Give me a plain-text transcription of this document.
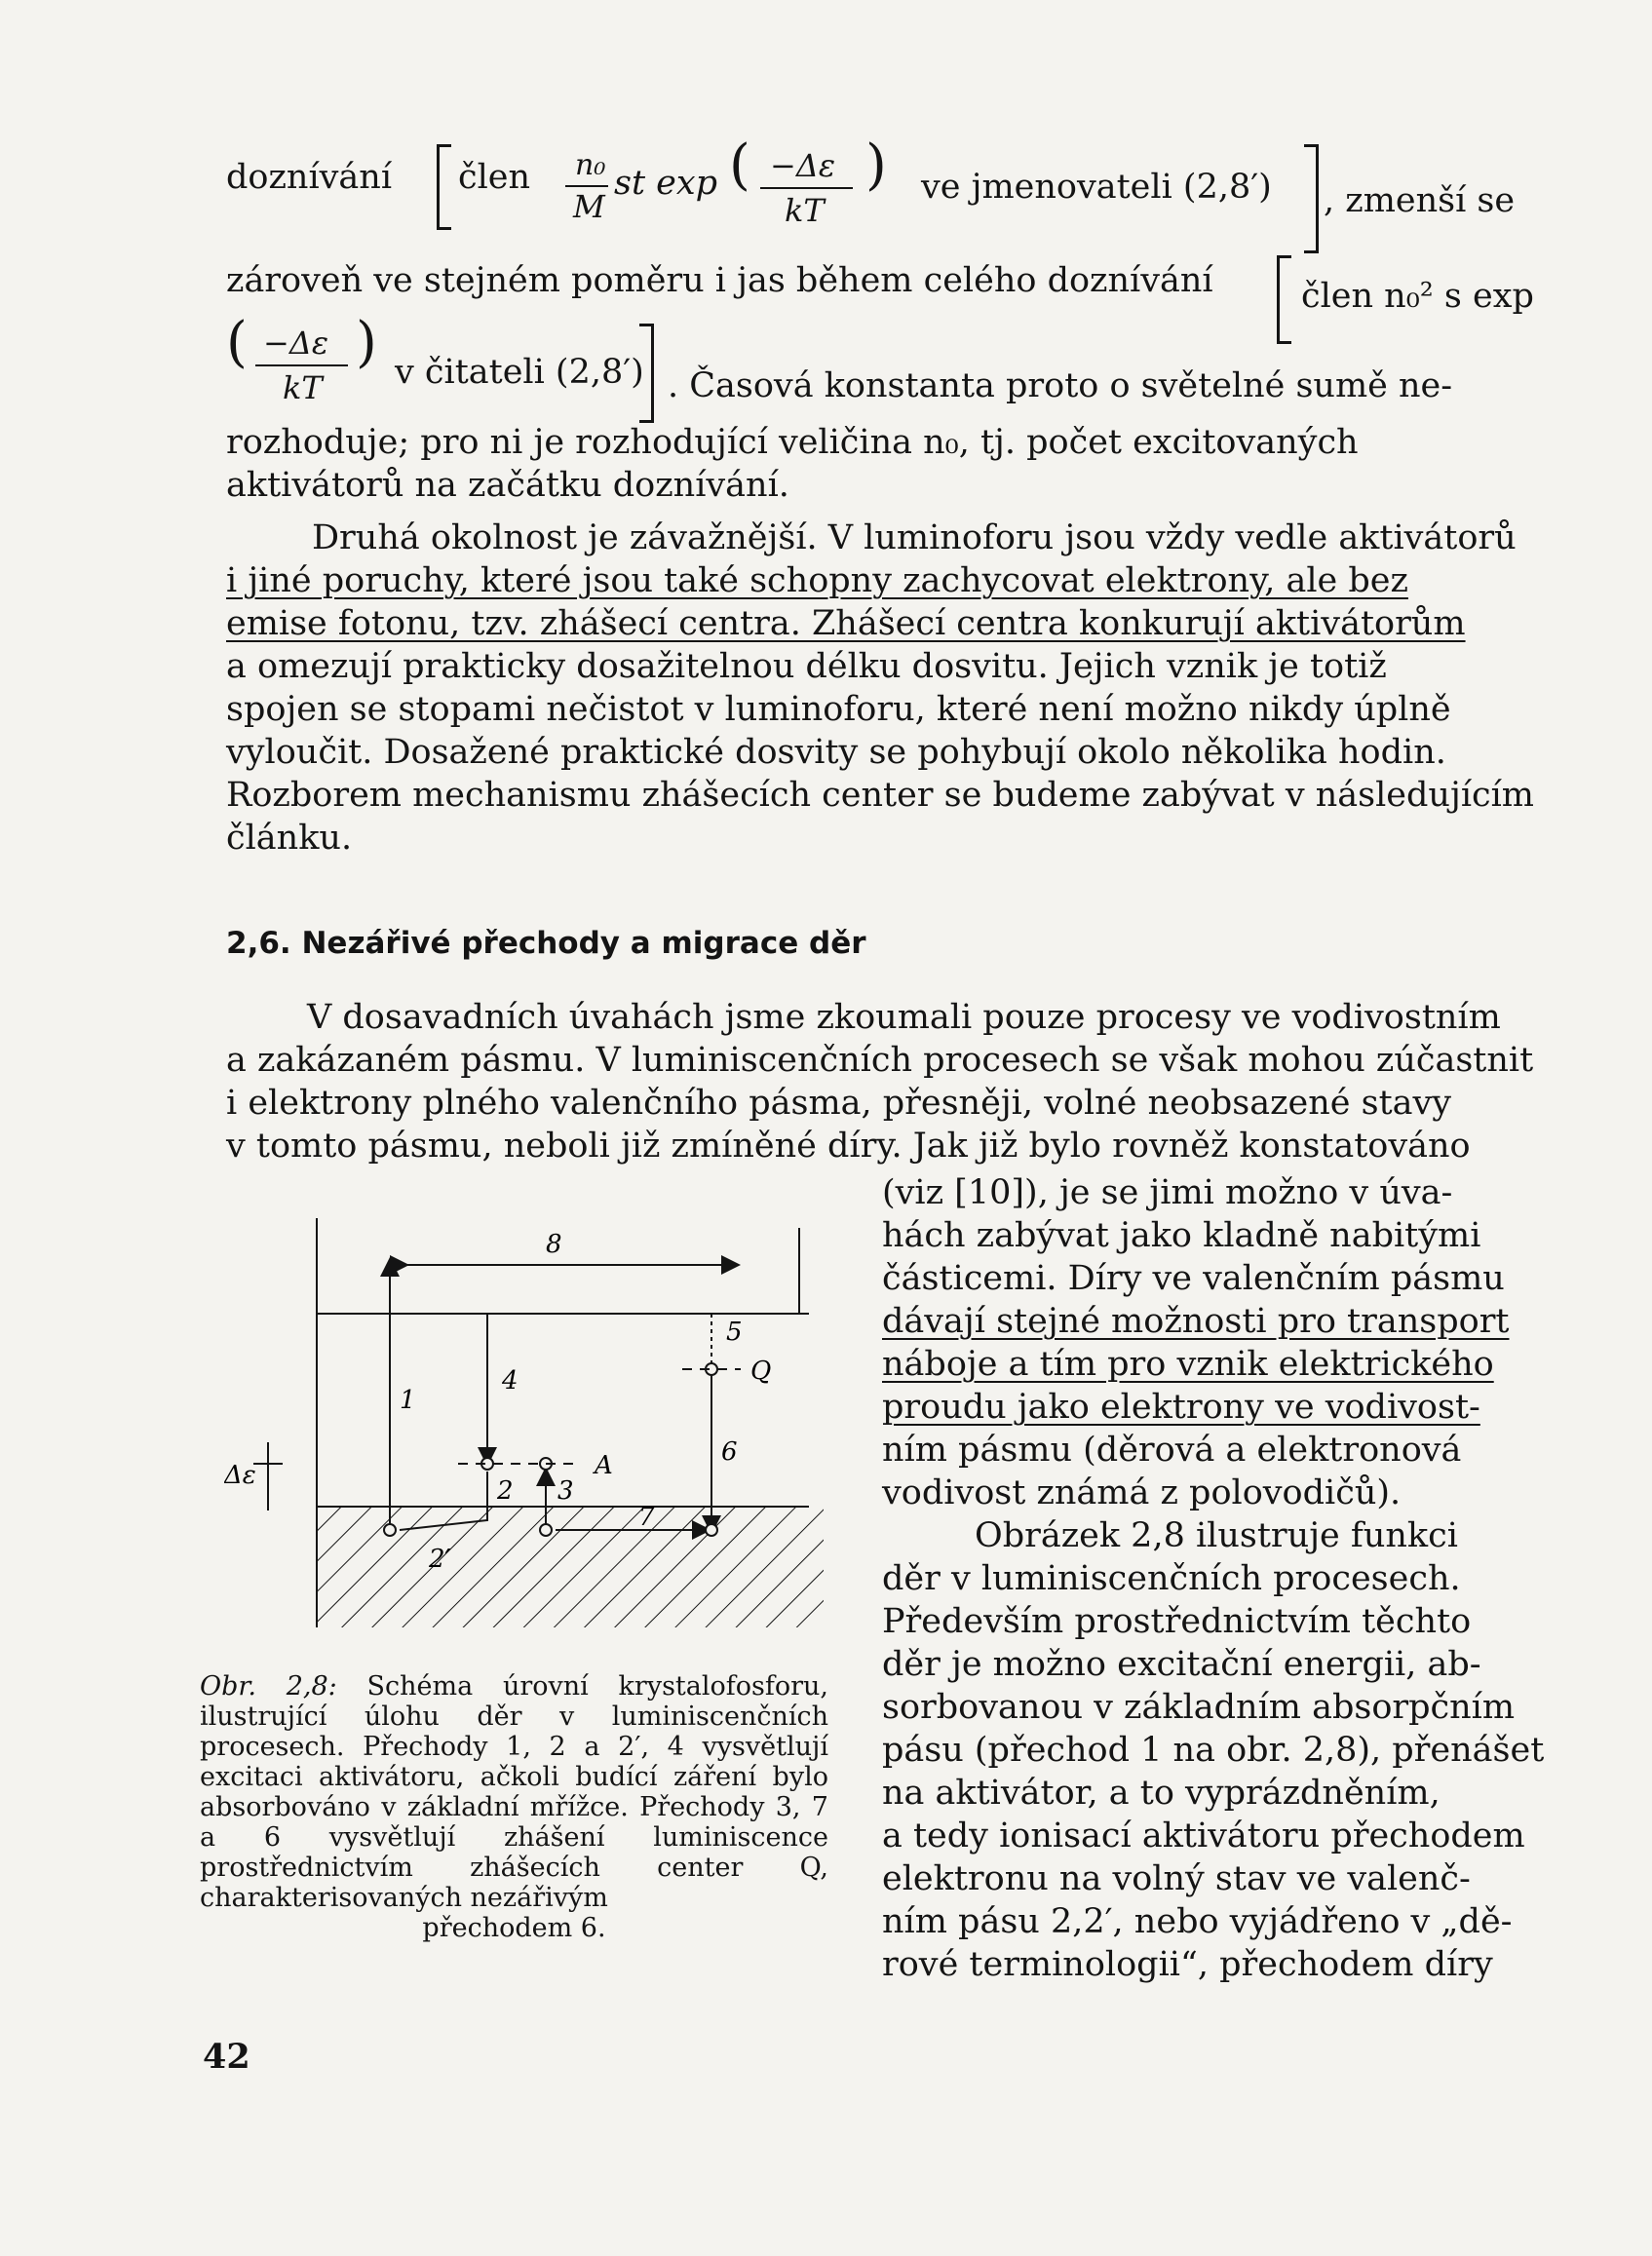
doznívání člen n₀
M
st exp ( −Δε
kT
) ve jmenovateli (2,8′) , zmenší se
zároveň ve stejném poměru i jas během celého doznívání	člen n₀² s exp
( −Δε
kT
) v čitateli (2,8′) . Časová konstanta proto o světelné sumě ne-
rozhoduje; pro ni je rozhodující veličina n₀, tj. počet excitovaných
aktivátorů na začátku doznívání.
Druhá okolnost je závažnější. V luminoforu jsou vždy vedle aktivátorů
i jiné poruchy, které jsou také schopny zachycovat elektrony, ale bez
emise fotonu, tzv. zhášecí centra. Zhášecí centra konkurují aktivátorům
a omezují prakticky dosažitelnou délku dosvitu. Jejich vznik je totiž
spojen se stopami nečistot v luminoforu, které není možno nikdy úplně
vyloučit. Dosažené praktické dosvity se pohybují okolo několika hodin.
Rozborem mechanismu zhášecích center se budeme zabývat v následujícím
článku.
2,6. Nezářivé přechody a migrace děr
V dosavadních úvahách jsme zkoumali pouze procesy ve vodivostním
a zakázaném pásmu. V luminiscenčních procesech se však mohou zúčastnit
i elektrony plného valenčního pásma, přesněji, volné neobsazené stavy
v tomto pásmu, neboli již zmíněné díry. Jak již bylo rovněž konstatováno
(viz [10]), je se jimi možno v úva-
hách zabývat jako kladně nabitými
částicemi. Díry ve valenčním pásmu
dávají stejné možnosti pro transport
náboje a tím pro vznik elektrického
proudu jako elektrony ve vodivost-
ním pásmu (děrová a elektronová
vodivost známá z polovodičů).
Obrázek 2,8 ilustruje funkci
děr v luminiscenčních procesech.
Především prostřednictvím těchto
děr je možno excitační energii, ab-
sorbovanou v základním absorpčním
pásu (přechod 1 na obr. 2,8), přenášet
na aktivátor, a to vyprázdněním,
a tedy ionisací aktivátoru přechodem
elektronu na volný stav ve valenč-
ním pásu 2,2′, nebo vyjádřeno v „dě-
rové terminologii“, přechodem díry
8
5
Q
4
1
A
2 3
6
7
2′
Δε
Obr. 2,8: Schéma úrovní krystalofosforu, ilustrující úlohu děr v luminiscenčních procesech. Přechody 1, 2 a 2′, 4 vysvětlují excitaci aktivátoru, ačkoli budící záření bylo absorbováno v základní mřížce. Přechody 3, 7 a 6 vysvětlují zhášení luminiscence prostřednictvím zhášecích center Q, charakterisovaných nezářivým
přechodem 6.
42
